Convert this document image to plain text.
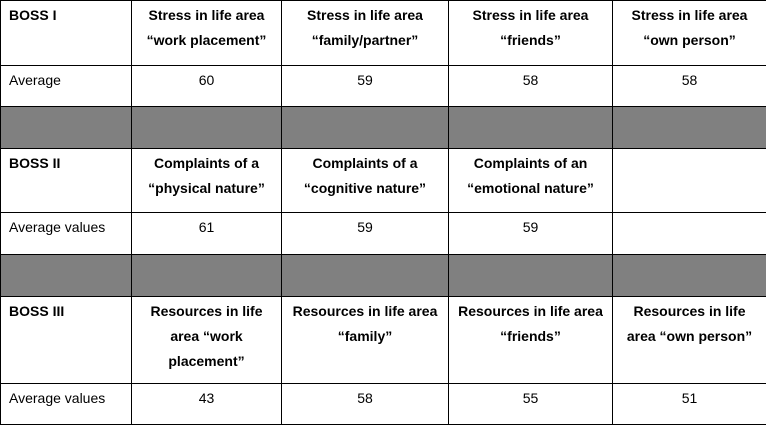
BOSS I	Stress in life area “work placement”	Stress in life area “family/partner”	Stress in life area “friends”	Stress in life area “own person”
Average	60	59	58	58

BOSS II	Complaints of a “physical nature”	Complaints of a “cognitive nature”	Complaints of an “emotional nature”	
Average values	61	59	59	

BOSS III	Resources in life area “work placement”	Resources in life area “family”	Resources in life area “friends”	Resources in life area “own person”
Average values	43	58	55	51
